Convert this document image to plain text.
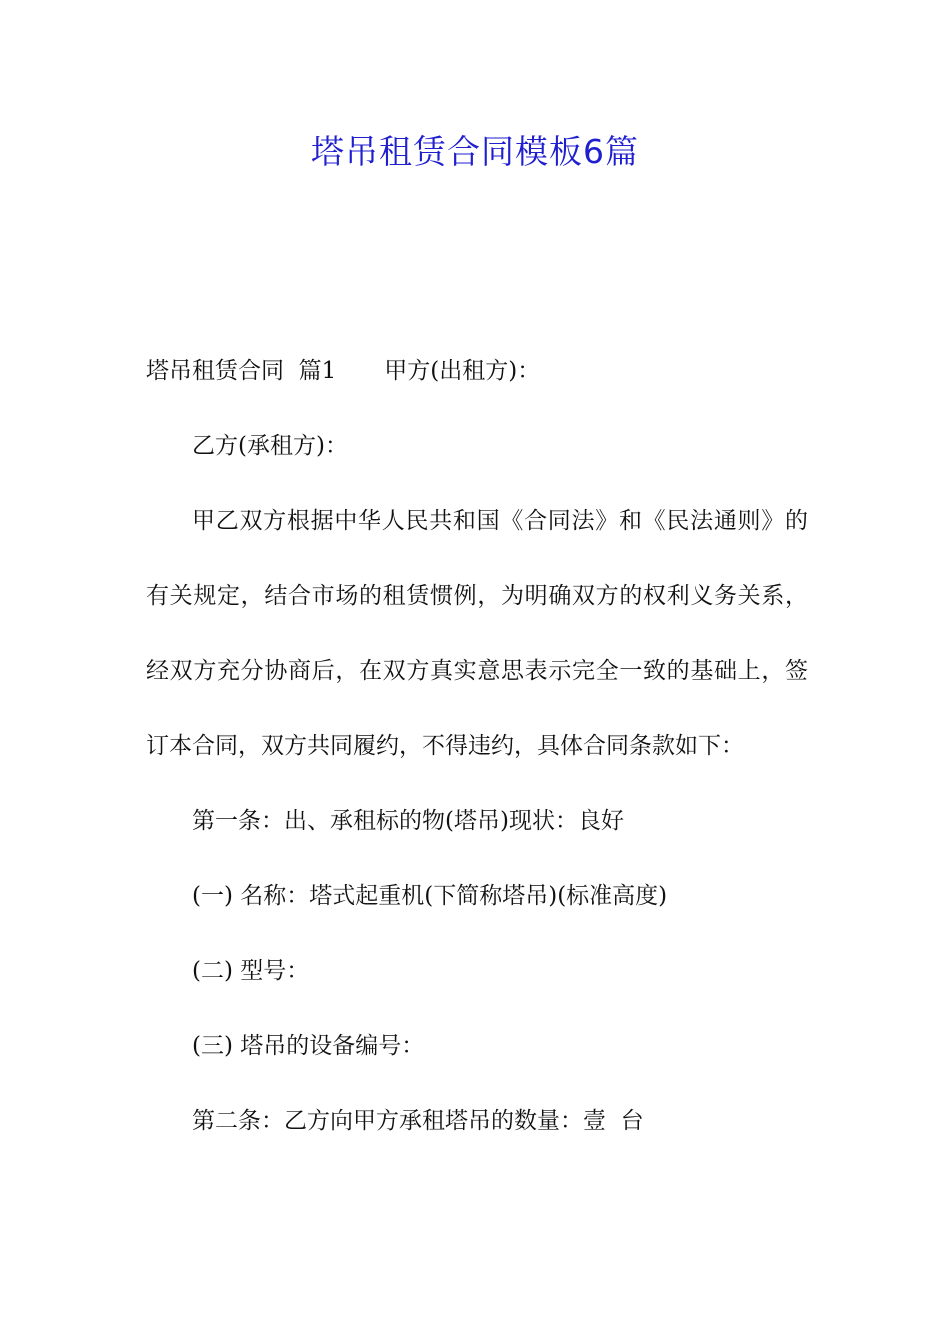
塔吊租赁合同模板6篇

塔吊租赁合同  篇1 甲方(出租方)：

乙方(承租方)：

甲乙双方根据中华人民共和国《合同法》和《民法通则》的有关规定，结合市场的租赁惯例，为明确双方的权利义务关系，经双方充分协商后，在双方真实意思表示完全一致的基础上，签订本合同，双方共同履约，不得违约，具体合同条款如下：

第一条：出、承租标的物(塔吊)现状：良好

(一) 名称：塔式起重机(下简称塔吊)(标准高度)

(二) 型号：

(三) 塔吊的设备编号：

第二条：乙方向甲方承租塔吊的数量：壹  台
